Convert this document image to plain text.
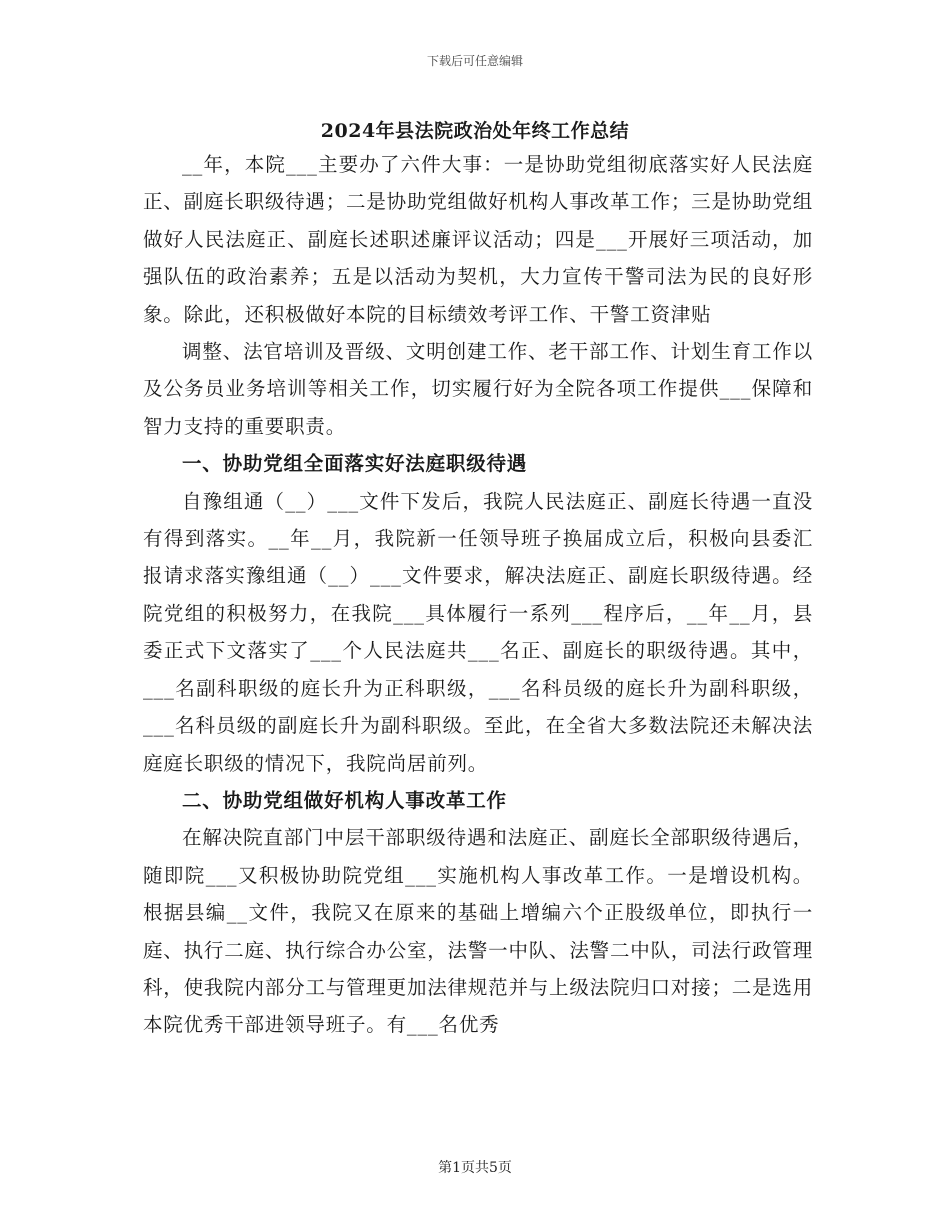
下载后可任意编辑
2024年县法院政治处年终工作总结

__年，本院___主要办了六件大事：一是协助党组彻底落实好人民法庭正、副庭长职级待遇；二是协助党组做好机构人事改革工作；三是协助党组做好人民法庭正、副庭长述职述廉评议活动；四是___开展好三项活动，加强队伍的政治素养；五是以活动为契机，大力宣传干警司法为民的良好形象。除此，还积极做好本院的目标绩效考评工作、干警工资津贴

调整、法官培训及晋级、文明创建工作、老干部工作、计划生育工作以及公务员业务培训等相关工作，切实履行好为全院各项工作提供___保障和智力支持的重要职责。

一、协助党组全面落实好法庭职级待遇

自豫组通（__）___文件下发后，我院人民法庭正、副庭长待遇一直没有得到落实。__年__月，我院新一任领导班子换届成立后，积极向县委汇报请求落实豫组通（__）___文件要求，解决法庭正、副庭长职级待遇。经院党组的积极努力，在我院___具体履行一系列___程序后，__年__月，县委正式下文落实了___个人民法庭共___名正、副庭长的职级待遇。其中，___名副科职级的庭长升为正科职级，___名科员级的庭长升为副科职级，___名科员级的副庭长升为副科职级。至此，在全省大多数法院还未解决法庭庭长职级的情况下，我院尚居前列。

二、协助党组做好机构人事改革工作

在解决院直部门中层干部职级待遇和法庭正、副庭长全部职级待遇后，随即院___又积极协助院党组___实施机构人事改革工作。一是增设机构。根据县编__文件，我院又在原来的基础上增编六个正股级单位，即执行一庭、执行二庭、执行综合办公室，法警一中队、法警二中队，司法行政管理科，使我院内部分工与管理更加法律规范并与上级法院归口对接；二是选用本院优秀干部进领导班子。有___名优秀

第1页共5页
